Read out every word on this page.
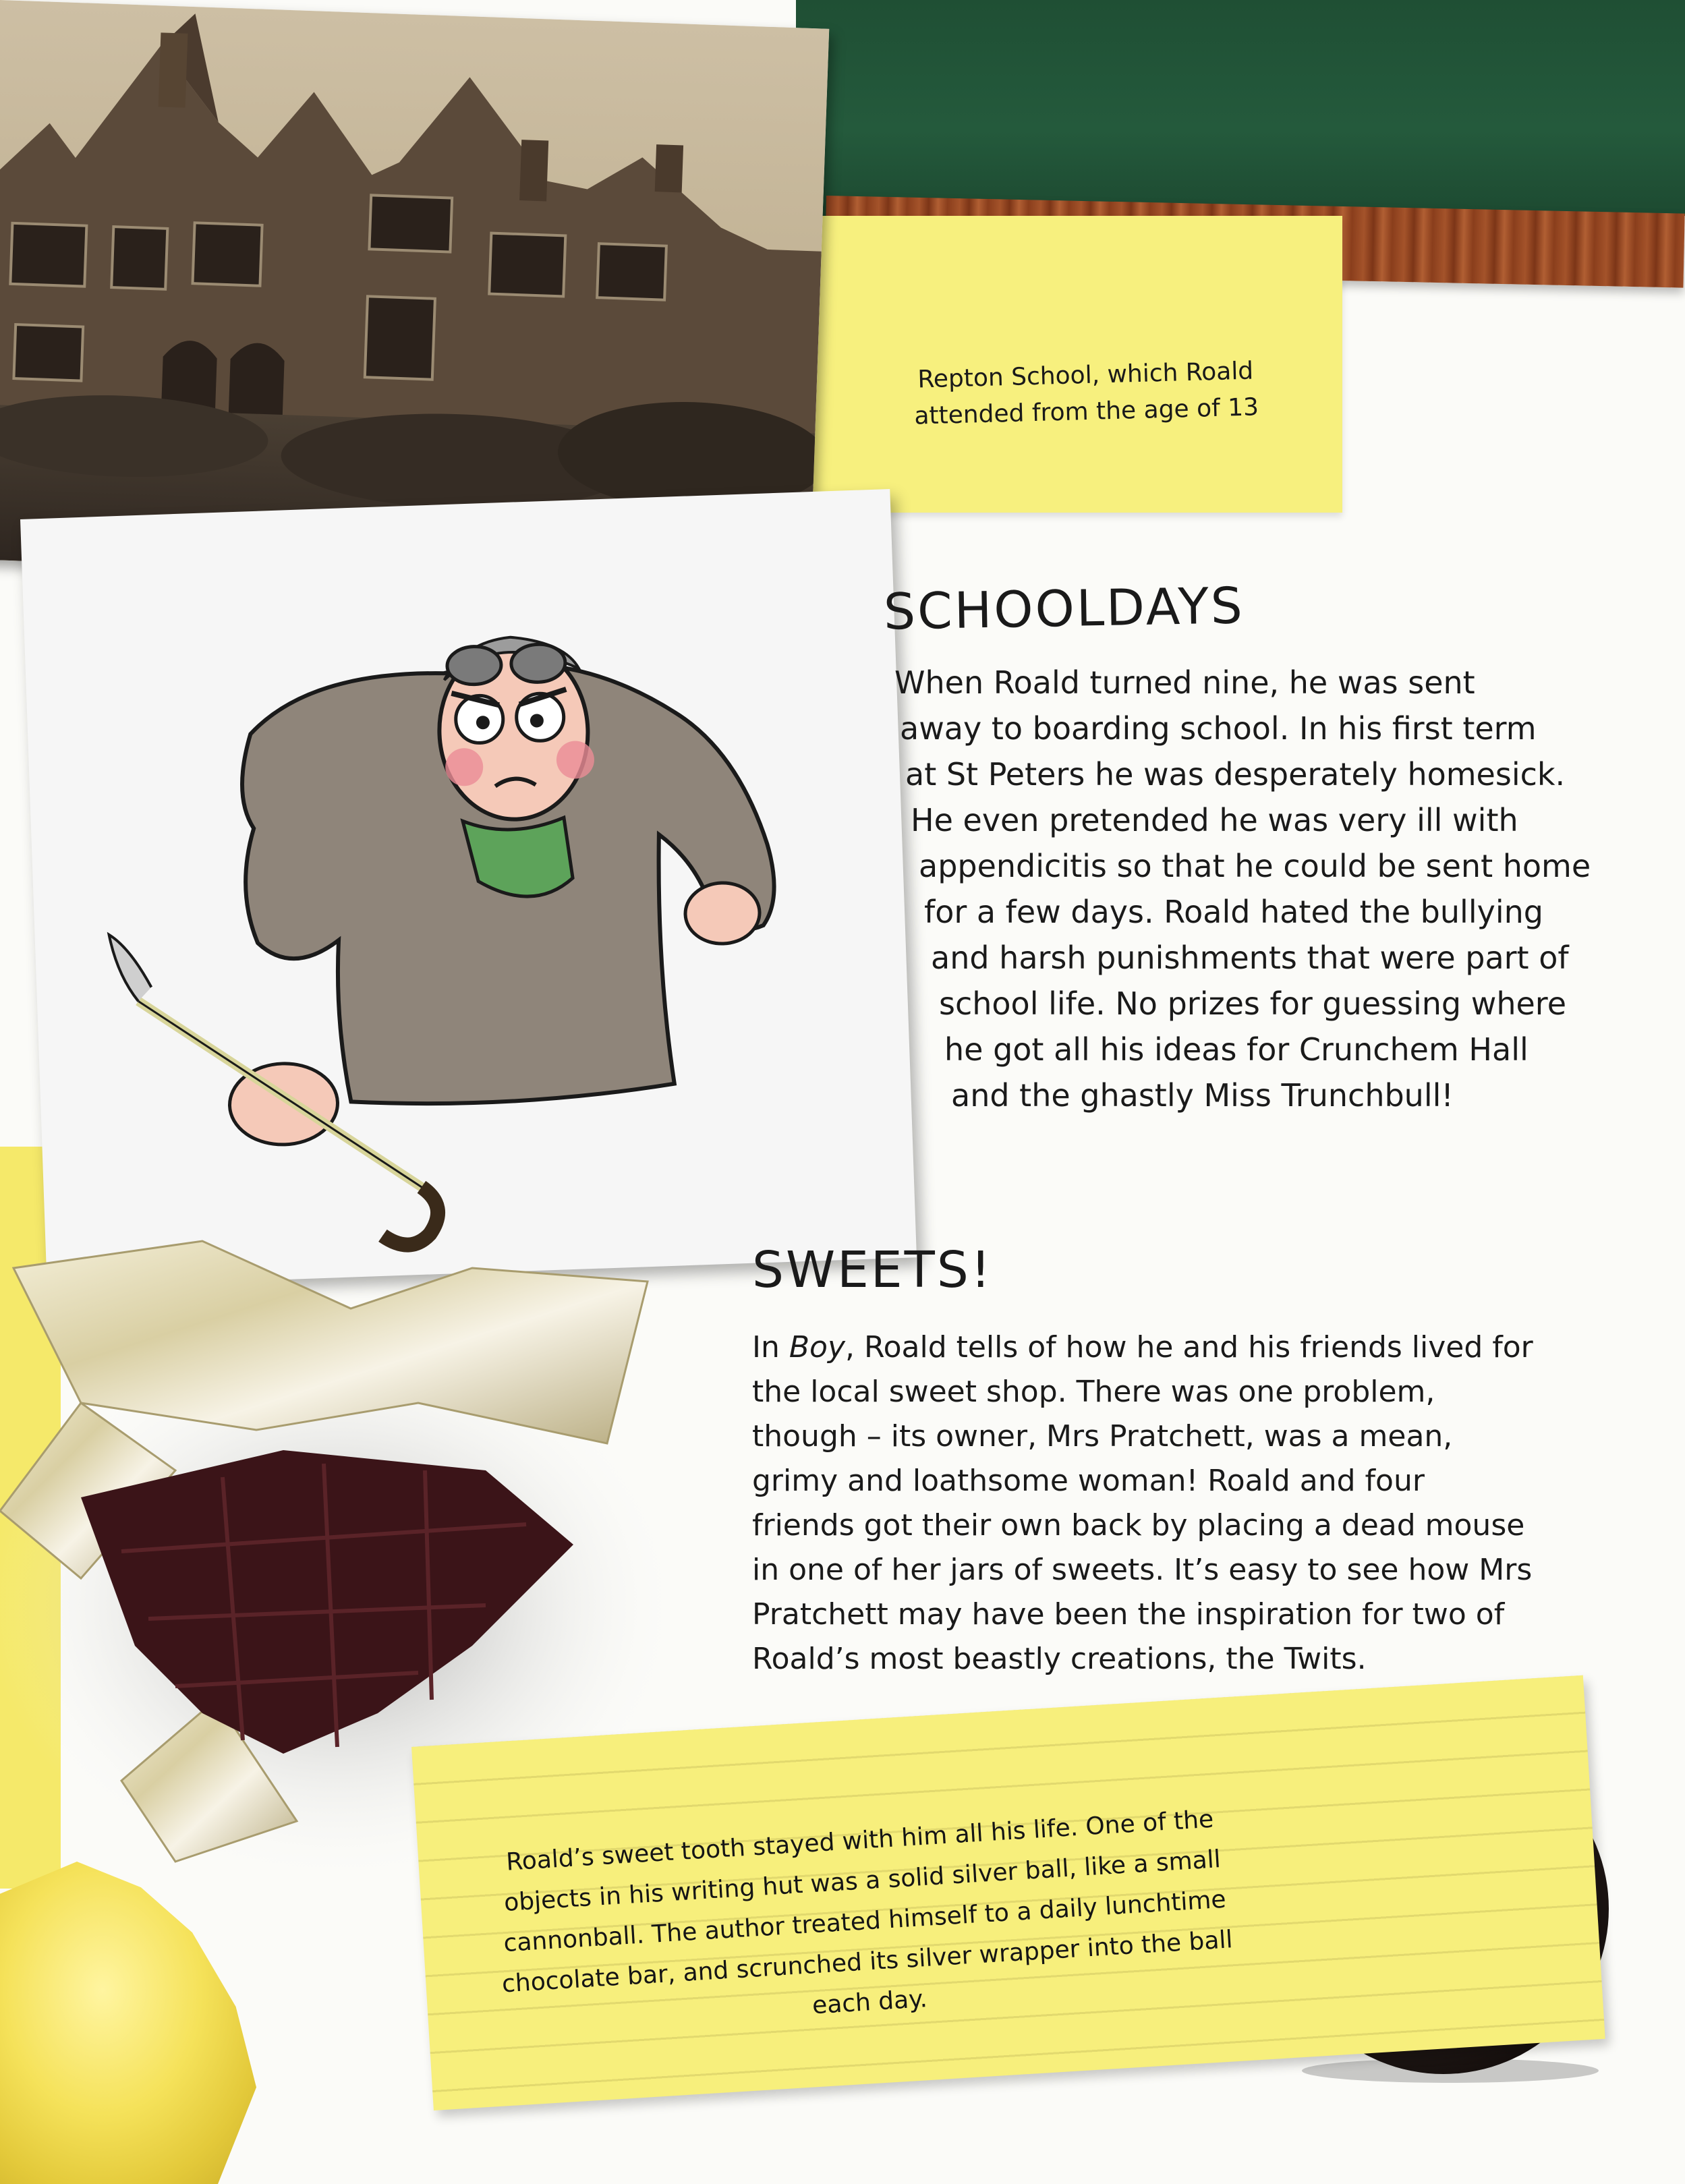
Repton School, which Roald attended from the age of 13
SCHOOLDAYS
When Roald turned nine, he was sent
away to boarding school. In his first term
at St Peters he was desperately homesick.
He even pretended he was very ill with
appendicitis so that he could be sent home
for a few days. Roald hated the bullying
and harsh punishments that were part of
school life. No prizes for guessing where
he got all his ideas for Crunchem Hall
and the ghastly Miss Trunchbull!
SWEETS!

In Boy, Roald tells of how he and his friends lived for the local sweet shop. There was one problem, though – its owner, Mrs Pratchett, was a mean, grimy and loathsome woman! Roald and four friends got their own back by placing a dead mouse in one of her jars of sweets. It’s easy to see how Mrs Pratchett may have been the inspiration for two of Roald’s most beastly creations, the Twits.

Roald’s sweet tooth stayed with him all his life. One of the objects in his writing hut was a solid silver ball, like a small cannonball. The author treated himself to a daily lunchtime chocolate bar, and scrunched its silver wrapper into the ball each day.
